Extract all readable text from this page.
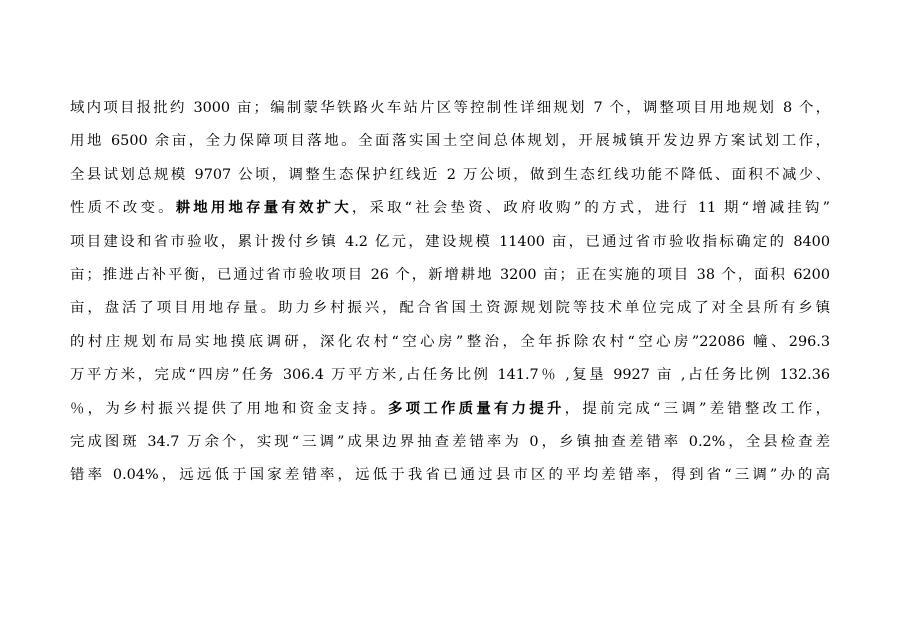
域内项目报批约 3000 亩；编制蒙华铁路火车站片区等控制性详细规划 7 个，调整项目用地规划 8 个，
用地 6500 余亩，全力保障项目落地。全面落实国土空间总体规划，开展城镇开发边界方案试划工作，
全县试划总规模 9707 公顷，调整生态保护红线近 2 万公顷，做到生态红线功能不降低、面积不减少、
性质不改变。耕地用地存量有效扩大，采取“社会垫资、政府收购”的方式，进行 11 期“增减挂钩”
项目建设和省市验收，累计拨付乡镇 4.2 亿元，建设规模 11400 亩，已通过省市验收指标确定的 8400
亩；推进占补平衡，已通过省市验收项目 26 个，新增耕地 3200 亩；正在实施的项目 38 个，面积 6200
亩，盘活了项目用地存量。助力乡村振兴，配合省国土资源规划院等技术单位完成了对全县所有乡镇
的村庄规划布局实地摸底调研，深化农村“空心房”整治，全年拆除农村“空心房”22086 幢、296.3
万平方米，完成“四房”任务 306.4 万平方米,占任务比例 141.7％ ,复垦 9927 亩 ,占任务比例 132.36
％，为乡村振兴提供了用地和资金支持。多项工作质量有力提升，提前完成“三调”差错整改工作，
完成图斑 34.7 万余个，实现“三调”成果边界抽查差错率为 0，乡镇抽查差错率 0.2%，全县检查差
错率 0.04%，远远低于国家差错率，远低于我省已通过县市区的平均差错率，得到省“三调”办的高
